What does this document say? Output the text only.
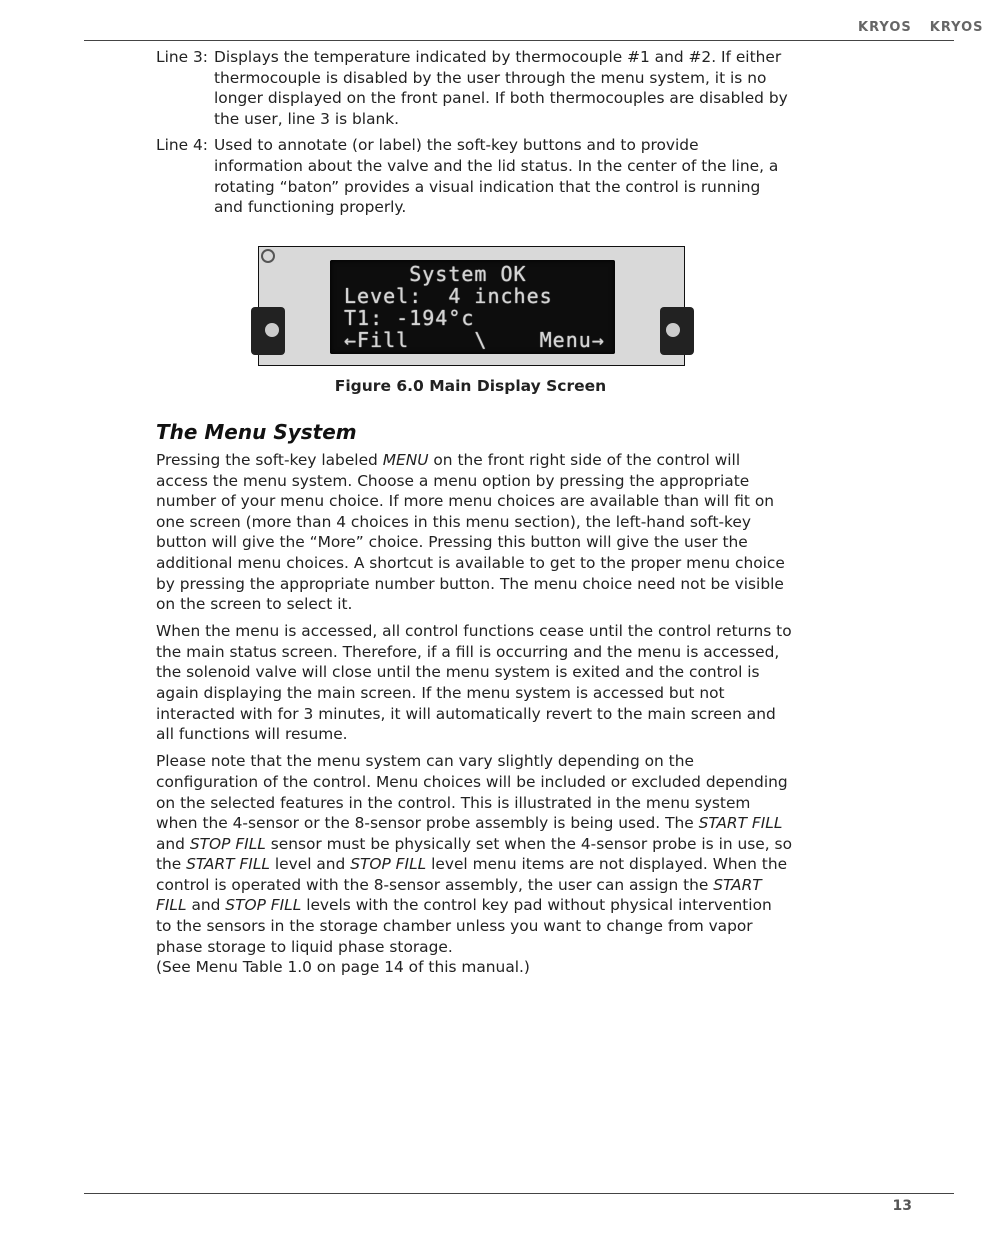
KRYOS KRYOS
Line 3: Displays the temperature indicated by thermocouple #1 and #2. If either thermocouple is disabled by the user through the menu system, it is no longer displayed on the front panel. If both thermocouples are disabled by the user, line 3 is blank.
Line 4: Used to annotate (or label) the soft-key buttons and to provide information about the valve and the lid status. In the center of the line, a rotating “baton” provides a visual indication that the control is running and functioning properly.
System OK
Level:  4 inches
T1: -194°c
←Fill     \    Menu→
Figure 6.0 Main Display Screen
The Menu System

Pressing the soft-key labeled MENU on the front right side of the control will access the menu system. Choose a menu option by pressing the appropriate number of your menu choice. If more menu choices are available than will fit on one screen (more than 4 choices in this menu section), the left-hand soft-key button will give the “More” choice. Pressing this button will give the user the additional menu choices. A shortcut is available to get to the proper menu choice by pressing the appropriate number button. The menu choice need not be visible on the screen to select it.

When the menu is accessed, all control functions cease until the control returns to the main status screen. Therefore, if a fill is occurring and the menu is accessed, the solenoid valve will close until the menu system is exited and the control is again displaying the main screen. If the menu system is accessed but not interacted with for 3 minutes, it will automatically revert to the main screen and all functions will resume.

Please note that the menu system can vary slightly depending on the configuration of the control. Menu choices will be included or excluded depending on the selected features in the control. This is illustrated in the menu system when the 4-sensor or the 8-sensor probe assembly is being used. The START FILL and STOP FILL sensor must be physically set when the 4-sensor probe is in use, so the START FILL level and STOP FILL level menu items are not displayed. When the control is operated with the 8-sensor assembly, the user can assign the START FILL and STOP FILL levels with the control key pad without physical intervention to the sensors in the storage chamber unless you want to change from vapor phase storage to liquid phase storage.
(See Menu Table 1.0 on page 14 of this manual.)

13
